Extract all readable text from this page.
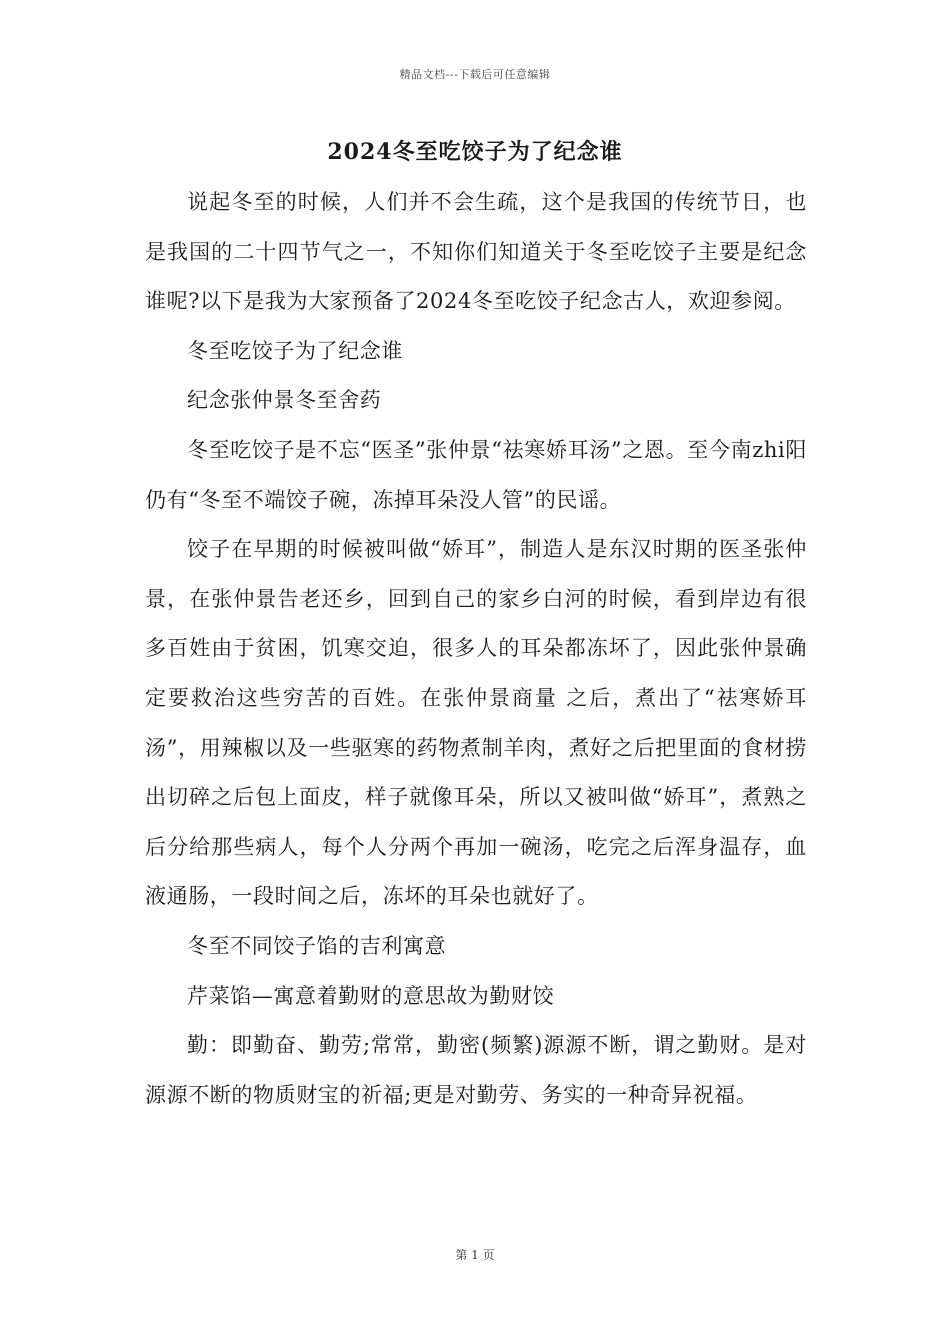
精品文档---下载后可任意编辑
2024冬至吃饺子为了纪念谁

说起冬至的时候，人们并不会生疏，这个是我国的传统节日，也是我国的二十四节气之一，不知你们知道关于冬至吃饺子主要是纪念谁呢?以下是我为大家预备了2024冬至吃饺子纪念古人，欢迎参阅。

冬至吃饺子为了纪念谁

纪念张仲景冬至舍药

冬至吃饺子是不忘“医圣”张仲景“祛寒娇耳汤”之恩。至今南zhi阳仍有“冬至不端饺子碗，冻掉耳朵没人管”的民谣。

饺子在早期的时候被叫做“娇耳”，制造人是东汉时期的医圣张仲景，在张仲景告老还乡，回到自己的家乡白河的时候，看到岸边有很多百姓由于贫困，饥寒交迫，很多人的耳朵都冻坏了，因此张仲景确定要救治这些穷苦的百姓。在张仲景商量 之后，煮出了“祛寒娇耳汤”，用辣椒以及一些驱寒的药物煮制羊肉，煮好之后把里面的食材捞出切碎之后包上面皮，样子就像耳朵，所以又被叫做“娇耳”，煮熟之后分给那些病人，每个人分两个再加一碗汤，吃完之后浑身温存，血液通肠，一段时间之后，冻坏的耳朵也就好了。

冬至不同饺子馅的吉利寓意

芹菜馅—寓意着勤财的意思故为勤财饺

勤：即勤奋、勤劳;常常，勤密(频繁)源源不断，谓之勤财。是对源源不断的物质财宝的祈福;更是对勤劳、务实的一种奇异祝福。

第 1 页
